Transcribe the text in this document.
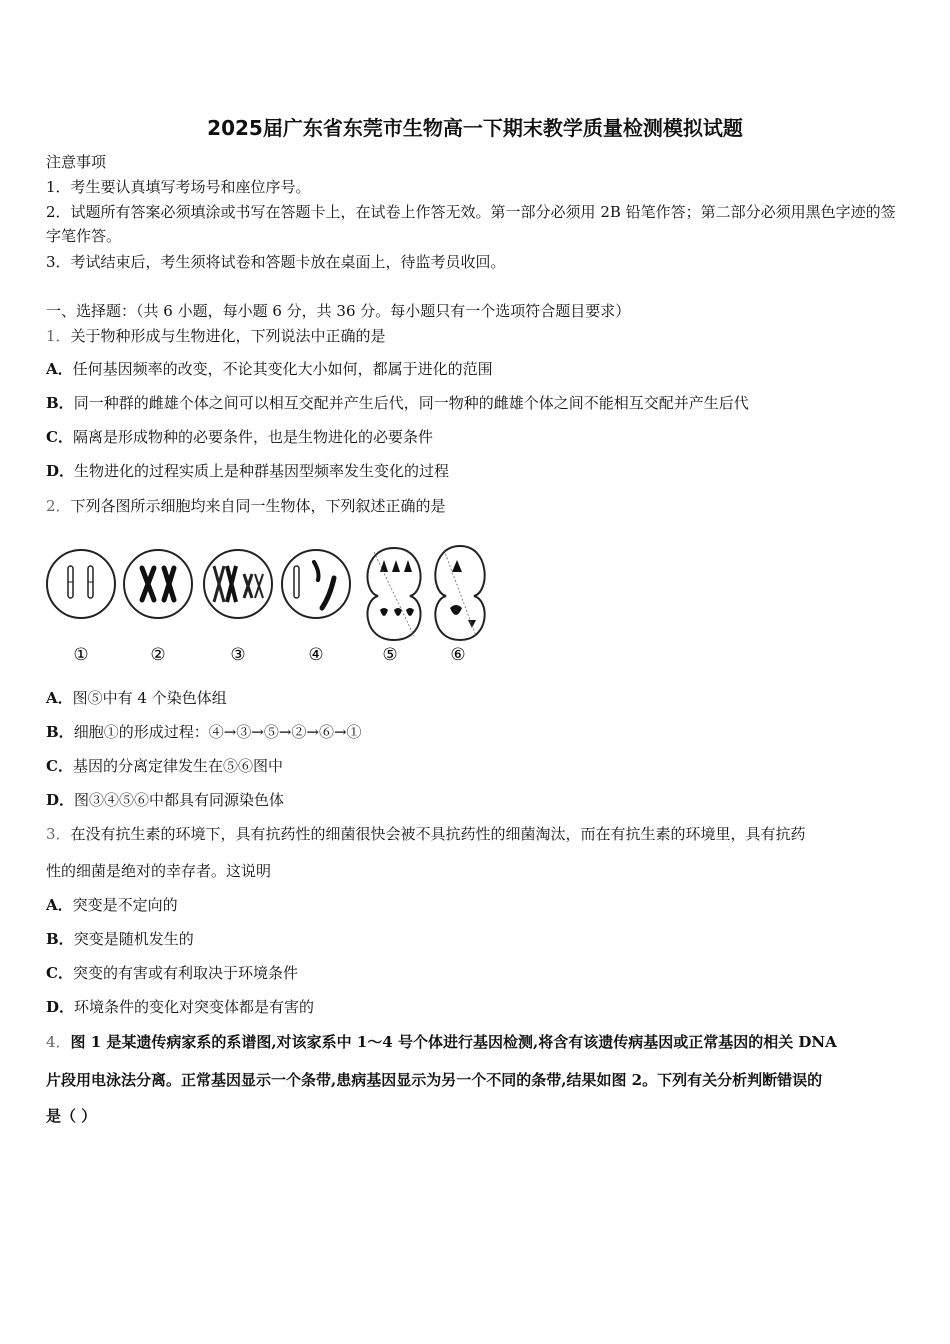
2025届广东省东莞市生物高一下期末教学质量检测模拟试题
注意事项
1．考生要认真填写考场号和座位序号。
2．试题所有答案必须填涂或书写在答题卡上，在试卷上作答无效。第一部分必须用 2B 铅笔作答；第二部分必须用黑色字迹的签字笔作答。
3．考试结束后，考生须将试卷和答题卡放在桌面上，待监考员收回。
一、选择题：（共 6 小题，每小题 6 分，共 36 分。每小题只有一个选项符合题目要求）
1．关于物种形成与生物进化，下列说法中正确的是
A．任何基因频率的改变，不论其变化大小如何，都属于进化的范围
B．同一种群的雌雄个体之间可以相互交配并产生后代，同一物种的雌雄个体之间不能相互交配并产生后代
C．隔离是形成物种的必要条件，也是生物进化的必要条件
D．生物进化的过程实质上是种群基因型频率发生变化的过程
2．下列各图所示细胞均来自同一生物体，下列叙述正确的是
①	②	③	④	⑤	⑥
A．图⑤中有 4 个染色体组
B．细胞①的形成过程：④→③→⑤→②→⑥→①
C．基因的分离定律发生在⑤⑥图中
D．图③④⑤⑥中都具有同源染色体
3．在没有抗生素的环境下，具有抗药性的细菌很快会被不具抗药性的细菌淘汰，而在有抗生素的环境里，具有抗药
性的细菌是绝对的幸存者。这说明
A．突变是不定向的
B．突变是随机发生的
C．突变的有害或有利取决于环境条件
D．环境条件的变化对突变体都是有害的
4．图 1 是某遗传病家系的系谱图,对该家系中 1～4 号个体进行基因检测,将含有该遗传病基因或正常基因的相关 DNA
片段用电泳法分离。正常基因显示一个条带,患病基因显示为另一个不同的条带,结果如图 2。下列有关分析判断错误的
是（ ）
